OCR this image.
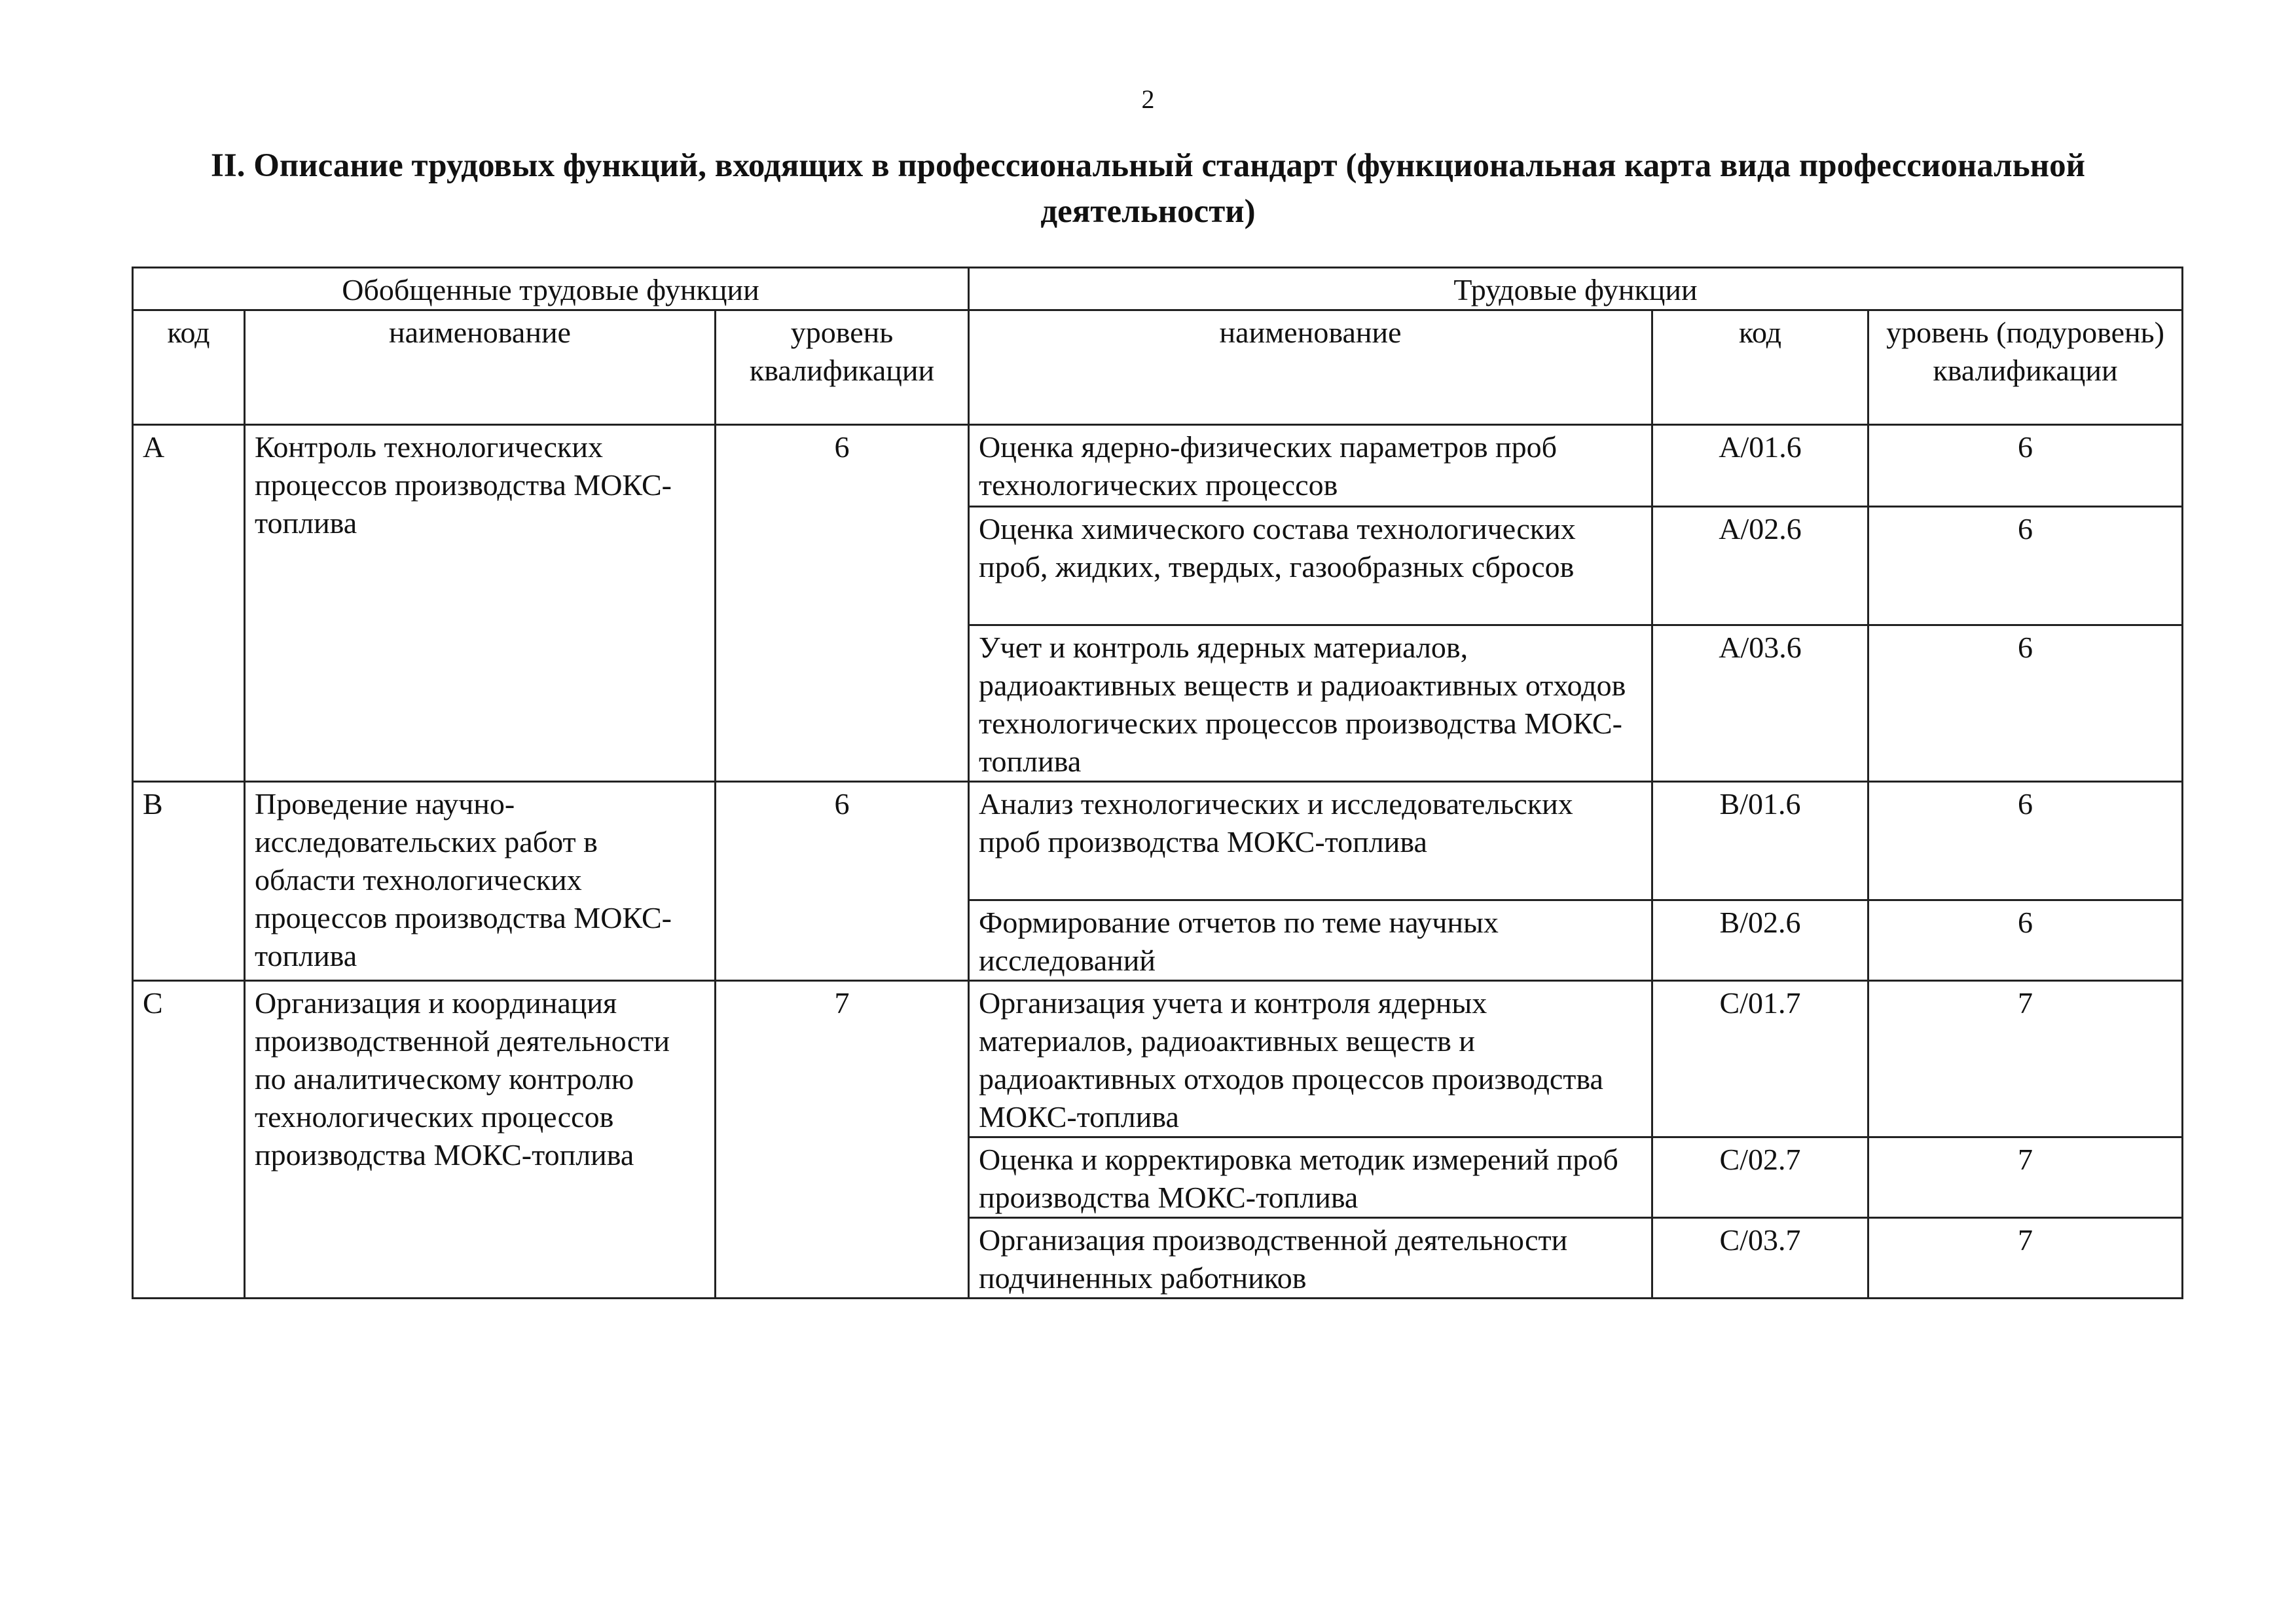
2
II. Описание трудовых функций, входящих в профессиональный стандарт (функциональная карта вида профессиональной деятельности)
Обобщенные трудовые функции			Трудовые функции		
код	наименование	уровень квалификации	наименование	код	уровень (подуровень) квалификации
А	Контроль технологических процессов производства МОКС-топлива	6	Оценка ядерно-физических параметров проб технологических процессов	А/01.6	6
			Оценка химического состава технологических проб, жидких, твердых, газообразных сбросов	А/02.6	6
			Учет и контроль ядерных материалов, радиоактивных веществ и радиоактивных отходов технологических процессов производства МОКС-топлива	А/03.6	6
В	Проведение научно-исследовательских работ в области технологических процессов производства МОКС-топлива	6	Анализ технологических и исследовательских проб производства МОКС-топлива	В/01.6	6
			Формирование отчетов по теме научных исследований	В/02.6	6
С	Организация и координация производственной деятельности по аналитическому контролю технологических процессов производства МОКС-топлива	7	Организация учета и контроля ядерных материалов, радиоактивных веществ и радиоактивных отходов процессов производства МОКС-топлива	С/01.7	7
			Оценка и корректировка методик измерений проб производства МОКС-топлива	С/02.7	7
			Организация производственной деятельности подчиненных работников	С/03.7	7
